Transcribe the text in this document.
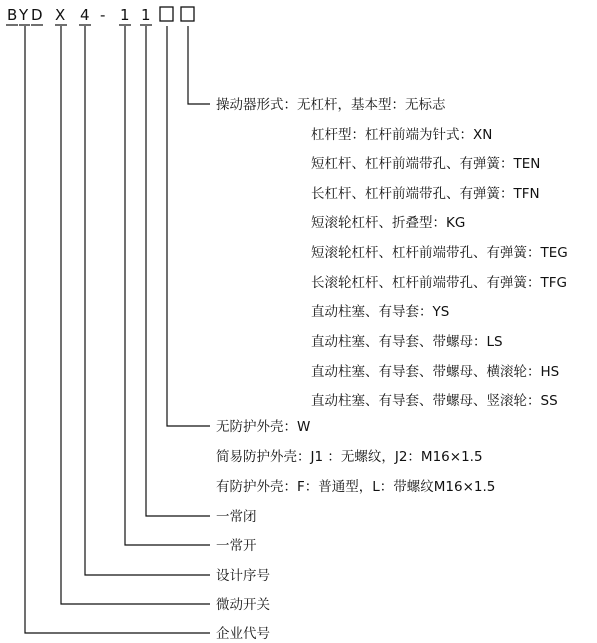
B Y D X 4 - 1 1
操动器形式：无杠杆，基本型：无标志
杠杆型：杠杆前端为针式：XN
短杠杆、杠杆前端带孔、有弹簧：TEN
长杠杆、杠杆前端带孔、有弹簧：TFN
短滚轮杠杆、折叠型：KG
短滚轮杠杆、杠杆前端带孔、有弹簧：TEG
长滚轮杠杆、杠杆前端带孔、有弹簧：TFG
直动柱塞、有导套：YS
直动柱塞、有导套、带螺母：LS
直动柱塞、有导套、带螺母、横滚轮：HS
直动柱塞、有导套、带螺母、竖滚轮：SS
无防护外壳：W
简易防护外壳：J1 ：无螺纹，J2：M16×1.5
有防护外壳：F：普通型，L：带螺纹M16×1.5
一常闭
一常开
设计序号
微动开关
企业代号
